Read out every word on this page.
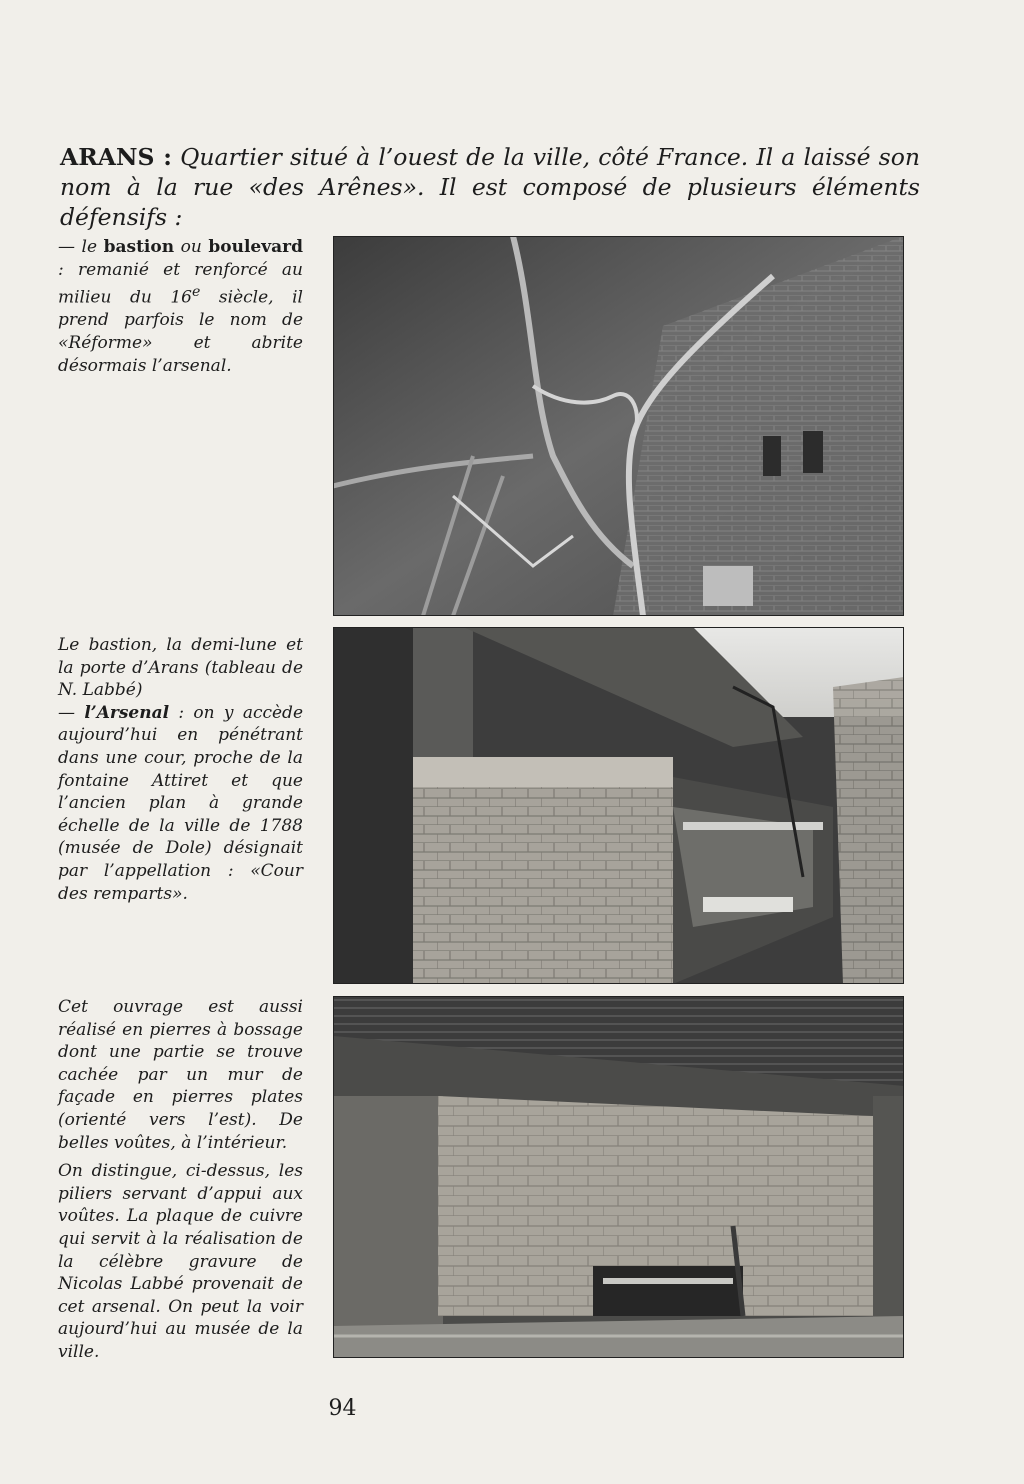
ARANS : Quartier situé à l’ouest de la ville, côté France. Il a laissé son nom à la rue «des Arênes». Il est composé de plusieurs éléments défensifs :

— le bastion ou boulevard : remanié et renforcé au milieu du 16e siècle, il prend parfois le nom de «Réforme» et abrite désormais l’arsenal.

Le bastion, la demi-lune et la porte d’Arans (tableau de N. Labbé)

— l’Arsenal : on y accède aujourd’hui en pénétrant dans une cour, proche de la fontaine Attiret et que l’ancien plan à grande échelle de la ville de 1788 (musée de Dole) désignait par l’appellation : «Cour des remparts».

Cet ouvrage est aussi réalisé en pierres à bossage dont une partie se trouve cachée par un mur de façade en pierres plates (orienté vers l’est). De belles voûtes, à l’intérieur.

On distingue, ci-dessus, les piliers servant d’appui aux voûtes. La plaque de cuivre qui servit à la réalisation de la célèbre gravure de Nicolas Labbé provenait de cet arsenal. On peut la voir aujourd’hui au musée de la ville.

94
